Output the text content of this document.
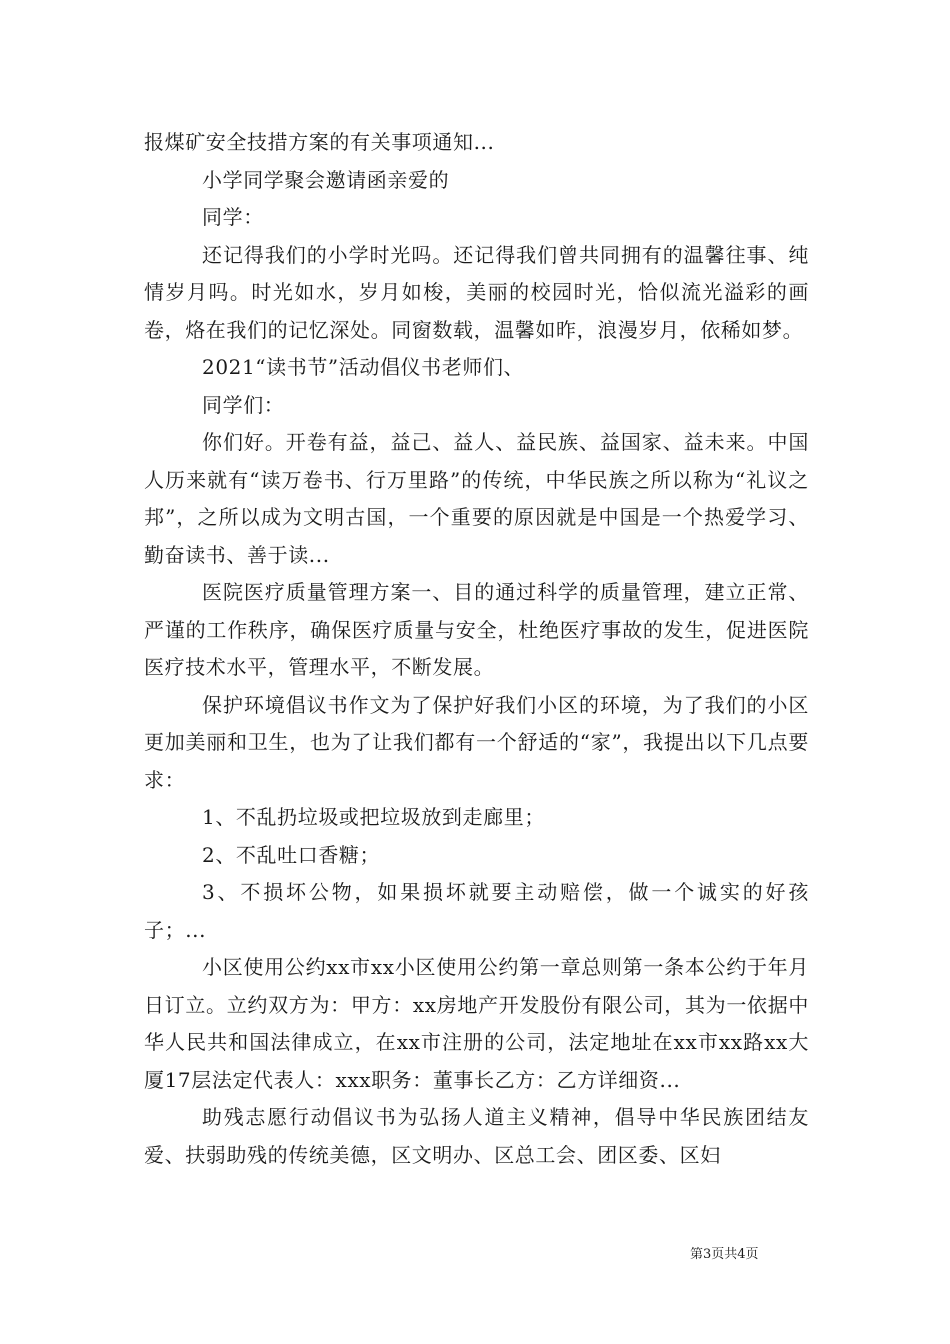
报煤矿安全技措方案的有关事项通知...

小学同学聚会邀请函亲爱的

同学：

还记得我们的小学时光吗。还记得我们曾共同拥有的温馨往事、纯情岁月吗。时光如水，岁月如梭，美丽的校园时光，恰似流光溢彩的画卷，烙在我们的记忆深处。同窗数载，温馨如昨，浪漫岁月，依稀如梦。

2021“读书节”活动倡仪书老师们、

同学们：

你们好。开卷有益，益己、益人、益民族、益国家、益未来。中国人历来就有“读万卷书、行万里路”的传统，中华民族之所以称为“礼议之邦”，之所以成为文明古国，一个重要的原因就是中国是一个热爱学习、勤奋读书、善于读...

医院医疗质量管理方案一、目的通过科学的质量管理，建立正常、严谨的工作秩序，确保医疗质量与安全，杜绝医疗事故的发生，促进医院医疗技术水平，管理水平，不断发展。

保护环境倡议书作文为了保护好我们小区的环境，为了我们的小区更加美丽和卫生，也为了让我们都有一个舒适的“家”，我提出以下几点要求：

1、不乱扔垃圾或把垃圾放到走廊里；

2、不乱吐口香糖；

3、不损坏公物，如果损坏就要主动赔偿，做一个诚实的好孩子；...

小区使用公约xx市xx小区使用公约第一章总则第一条本公约于年月日订立。立约双方为：甲方：xx房地产开发股份有限公司，其为一依据中华人民共和国法律成立，在xx市注册的公司，法定地址在xx市xx路xx大厦17层法定代表人：xxx职务：董事长乙方：乙方详细资...

助残志愿行动倡议书为弘扬人道主义精神，倡导中华民族团结友爱、扶弱助残的传统美德，区文明办、区总工会、团区委、区妇

第3页共4页
